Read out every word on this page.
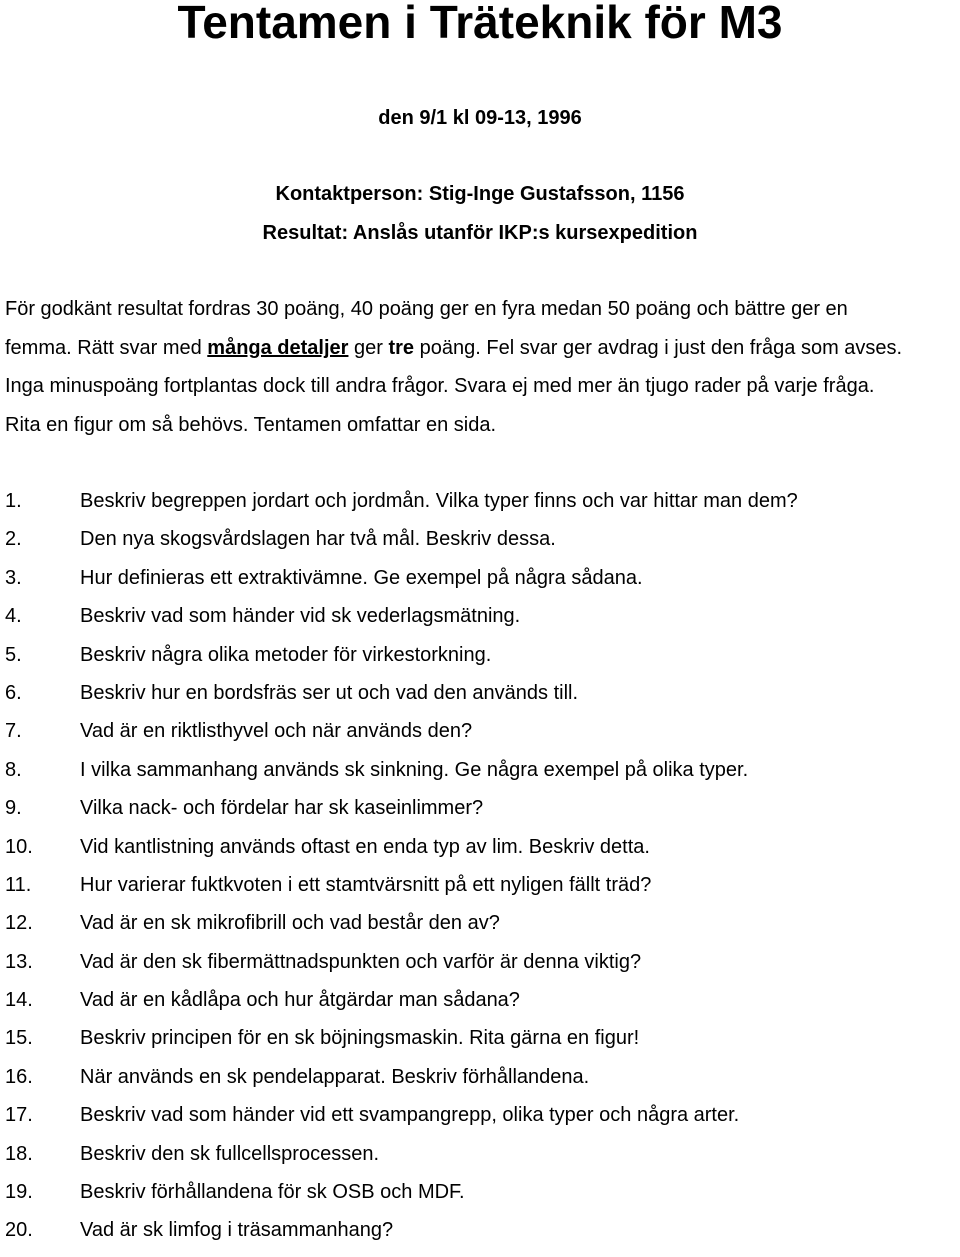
Tentamen i Träteknik för M3
den 9/1 kl 09-13, 1996
Kontaktperson: Stig-Inge Gustafsson, 1156
Resultat: Anslås utanför IKP:s kursexpedition
För godkänt resultat fordras 30 poäng, 40 poäng ger en fyra medan 50 poäng och bättre ger en
femma. Rätt svar med många detaljer ger tre poäng. Fel svar ger avdrag i just den fråga som avses.
Inga minuspoäng fortplantas dock till andra frågor. Svara ej med mer än tjugo rader på varje fråga.
Rita en figur om så behövs. Tentamen omfattar en sida.
1.	Beskriv begreppen jordart och jordmån. Vilka typer finns och var hittar man dem?
2.	Den nya skogsvårdslagen har två mål. Beskriv dessa.
3.	Hur definieras ett extraktivämne. Ge exempel på några sådana.
4.	Beskriv vad som händer vid sk vederlagsmätning.
5.	Beskriv några olika metoder för virkestorkning.
6.	Beskriv hur en bordsfräs ser ut och vad den används till.
7.	Vad är en riktlisthyvel och när används den?
8.	I vilka sammanhang används sk sinkning. Ge några exempel på olika typer.
9.	Vilka nack- och fördelar har sk kaseinlimmer?
10.	Vid kantlistning används oftast en enda typ av lim. Beskriv detta.
11.	Hur varierar fuktkvoten i ett stamtvärsnitt på ett nyligen fällt träd?
12.	Vad är en sk mikrofibrill och vad består den av?
13.	Vad är den sk fibermättnadspunkten och varför är denna viktig?
14.	Vad är en kådlåpa och hur åtgärdar man sådana?
15.	Beskriv principen för en sk böjningsmaskin. Rita gärna en figur!
16.	När används en sk pendelapparat. Beskriv förhållandena.
17.	Beskriv vad som händer vid ett svampangrepp, olika typer och några arter.
18.	Beskriv den sk fullcellsprocessen.
19.	Beskriv förhållandena för sk OSB och MDF.
20.	Vad är sk limfog i träsammanhang?
